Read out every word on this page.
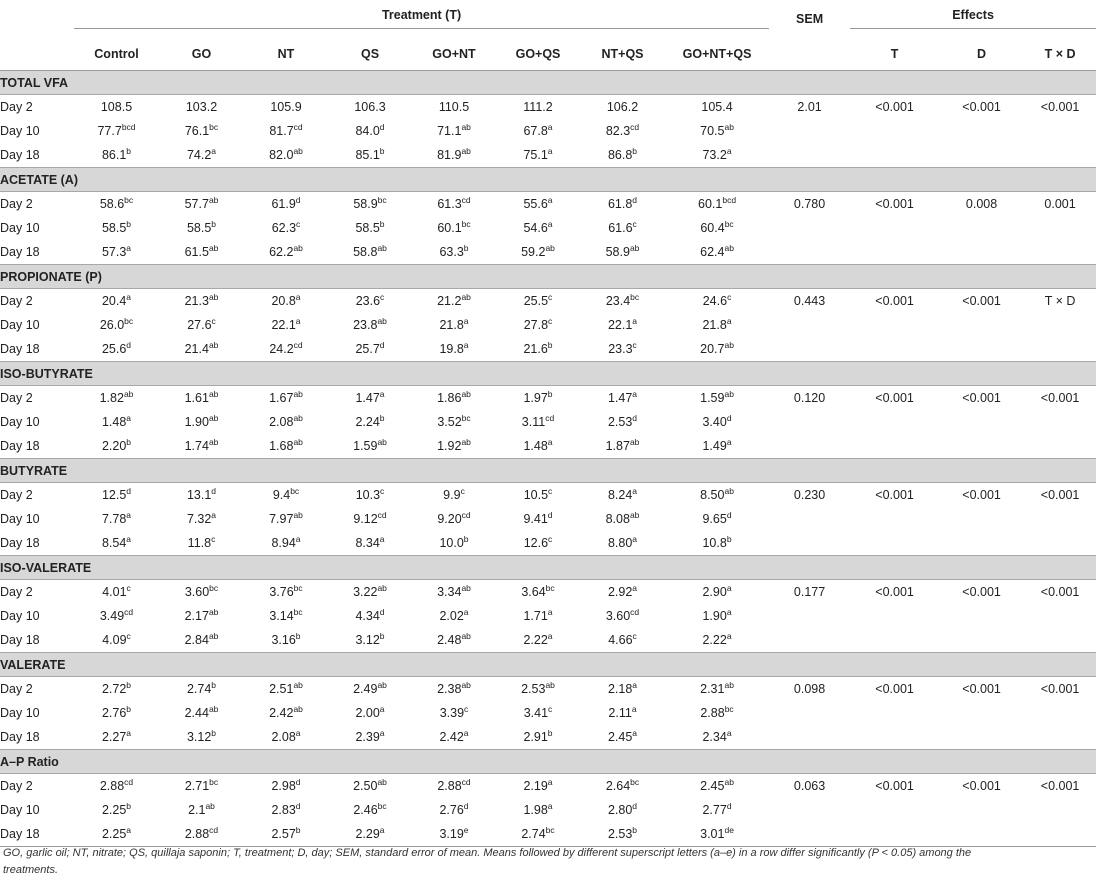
	Treatment (T)								SEM	Effects		
	Control	GO	NT	QS	GO+NT	GO+QS	NT+QS	GO+NT+QS		T	D	T × D
TOTAL VFA												
Day 2	108.5	103.2	105.9	106.3	110.5	111.2	106.2	105.4	2.01	<0.001	<0.001	<0.001
Day 10	77.7$^{bcd}$	76.1$^{bc}$	81.7$^{cd}$	84.0$^d$	71.1$^{ab}$	67.8$^a$	82.3$^{cd}$	70.5$^{ab}$				
Day 18	86.1$^b$	74.2$^a$	82.0$^{ab}$	85.1$^b$	81.9$^{ab}$	75.1$^a$	86.8$^b$	73.2$^a$				
ACETATE (A)												
Day 2	58.6$^{bc}$	57.7$^{ab}$	61.9$^d$	58.9$^{bc}$	61.3$^{cd}$	55.6$^a$	61.8$^d$	60.1$^{bcd}$	0.780	<0.001	0.008	0.001
Day 10	58.5$^b$	58.5$^b$	62.3$^c$	58.5$^b$	60.1$^{bc}$	54.6$^a$	61.6$^c$	60.4$^{bc}$				
Day 18	57.3$^a$	61.5$^{ab}$	62.2$^{ab}$	58.8$^{ab}$	63.3$^b$	59.2$^{ab}$	58.9$^{ab}$	62.4$^{ab}$				
PROPIONATE (P)												
Day 2	20.4$^a$	21.3$^{ab}$	20.8$^a$	23.6$^c$	21.2$^{ab}$	25.5$^c$	23.4$^{bc}$	24.6$^c$	0.443	<0.001	<0.001	T × D
Day 10	26.0$^{bc}$	27.6$^c$	22.1$^a$	23.8$^{ab}$	21.8$^a$	27.8$^c$	22.1$^a$	21.8$^a$				
Day 18	25.6$^d$	21.4$^{ab}$	24.2$^{cd}$	25.7$^d$	19.8$^a$	21.6$^b$	23.3$^c$	20.7$^{ab}$				
ISO-BUTYRATE												
Day 2	1.82$^{ab}$	1.61$^{ab}$	1.67$^{ab}$	1.47$^a$	1.86$^{ab}$	1.97$^b$	1.47$^a$	1.59$^{ab}$	0.120	<0.001	<0.001	<0.001
Day 10	1.48$^a$	1.90$^{ab}$	2.08$^{ab}$	2.24$^b$	3.52$^{bc}$	3.11$^{cd}$	2.53$^d$	3.40$^d$				
Day 18	2.20$^b$	1.74$^{ab}$	1.68$^{ab}$	1.59$^{ab}$	1.92$^{ab}$	1.48$^a$	1.87$^{ab}$	1.49$^a$				
BUTYRATE												
Day 2	12.5$^d$	13.1$^d$	9.4$^{bc}$	10.3$^c$	9.9$^c$	10.5$^c$	8.24$^a$	8.50$^{ab}$	0.230	<0.001	<0.001	<0.001
Day 10	7.78$^a$	7.32$^a$	7.97$^{ab}$	9.12$^{cd}$	9.20$^{cd}$	9.41$^d$	8.08$^{ab}$	9.65$^d$				
Day 18	8.54$^a$	11.8$^c$	8.94$^a$	8.34$^a$	10.0$^b$	12.6$^c$	8.80$^a$	10.8$^b$				
ISO-VALERATE												
Day 2	4.01$^c$	3.60$^{bc}$	3.76$^{bc}$	3.22$^{ab}$	3.34$^{ab}$	3.64$^{bc}$	2.92$^a$	2.90$^a$	0.177	<0.001	<0.001	<0.001
Day 10	3.49$^{cd}$	2.17$^{ab}$	3.14$^{bc}$	4.34$^d$	2.02$^a$	1.71$^a$	3.60$^{cd}$	1.90$^a$				
Day 18	4.09$^c$	2.84$^{ab}$	3.16$^b$	3.12$^b$	2.48$^{ab}$	2.22$^a$	4.66$^c$	2.22$^a$				
VALERATE												
Day 2	2.72$^b$	2.74$^b$	2.51$^{ab}$	2.49$^{ab}$	2.38$^{ab}$	2.53$^{ab}$	2.18$^a$	2.31$^{ab}$	0.098	<0.001	<0.001	<0.001
Day 10	2.76$^b$	2.44$^{ab}$	2.42$^{ab}$	2.00$^a$	3.39$^c$	3.41$^c$	2.11$^a$	2.88$^{bc}$				
Day 18	2.27$^a$	3.12$^b$	2.08$^a$	2.39$^a$	2.42$^a$	2.91$^b$	2.45$^a$	2.34$^a$				
A–P Ratio												
Day 2	2.88$^{cd}$	2.71$^{bc}$	2.98$^d$	2.50$^{ab}$	2.88$^{cd}$	2.19$^a$	2.64$^{bc}$	2.45$^{ab}$	0.063	<0.001	<0.001	<0.001
Day 10	2.25$^b$	2.1$^{ab}$	2.83$^d$	2.46$^{bc}$	2.76$^d$	1.98$^a$	2.80$^d$	2.77$^d$				
Day 18	2.25$^a$	2.88$^{cd}$	2.57$^b$	2.29$^a$	3.19e	2.74$^{bc}$	2.53$^b$	3.01de				
GO, garlic oil; NT, nitrate; QS, quillaja saponin; T, treatment; D, day; SEM, standard error of mean. Means followed by different superscript letters (a–e) in a row differ significantly (P < 0.05) among the treatments.
